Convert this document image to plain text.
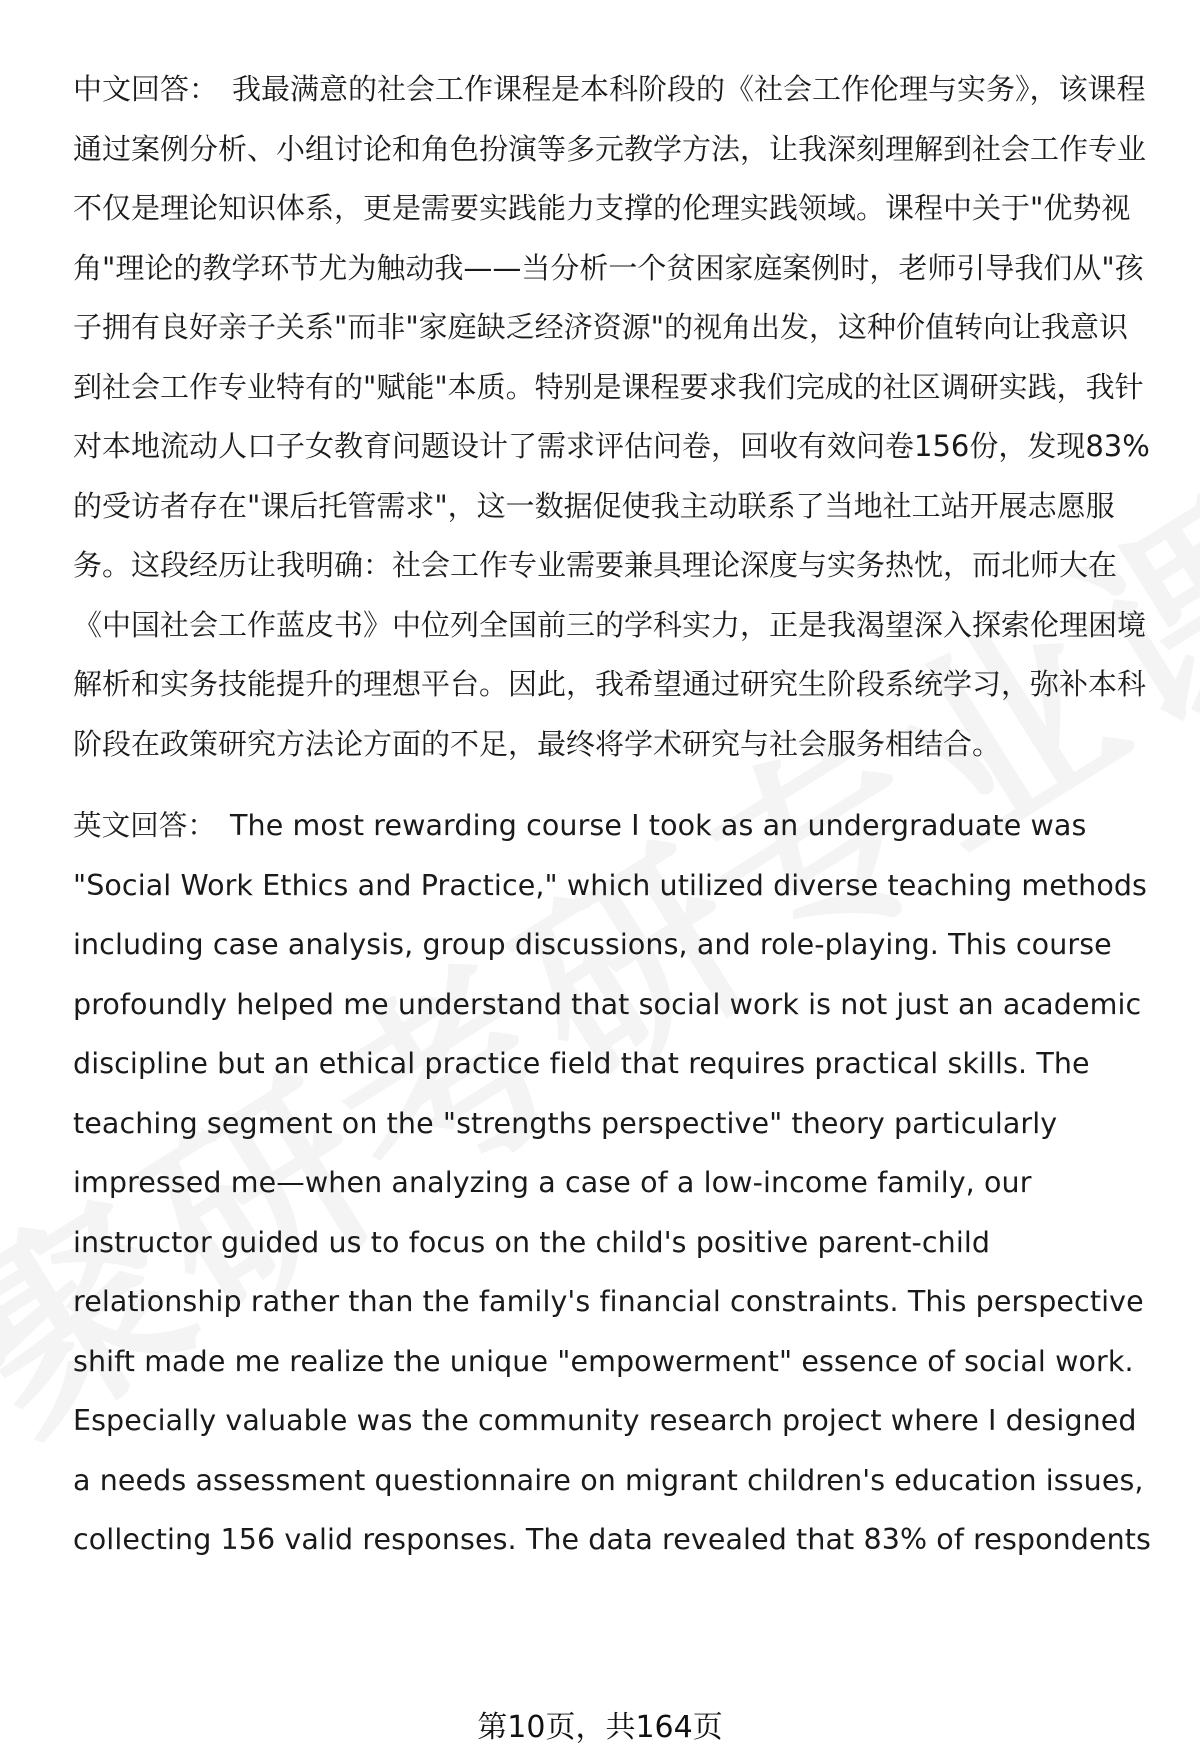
中文回答： 我最满意的社会工作课程是本科阶段的《社会工作伦理与实务》，该课程通过案例分析、小组讨论和角色扮演等多元教学方法，让我深刻理解到社会工作专业不仅是理论知识体系，更是需要实践能力支撑的伦理实践领域。课程中关于"优势视角"理论的教学环节尤为触动我——当分析一个贫困家庭案例时，老师引导我们从"孩子拥有良好亲子关系"而非"家庭缺乏经济资源"的视角出发，这种价值转向让我意识到社会工作专业特有的"赋能"本质。特别是课程要求我们完成的社区调研实践，我针对本地流动人口子女教育问题设计了需求评估问卷，回收有效问卷156份，发现83%的受访者存在"课后托管需求"，这一数据促使我主动联系了当地社工站开展志愿服务。这段经历让我明确：社会工作专业需要兼具理论深度与实务热忱，而北师大在《中国社会工作蓝皮书》中位列全国前三的学科实力，正是我渴望深入探索伦理困境解析和实务技能提升的理想平台。因此，我希望通过研究生阶段系统学习，弥补本科阶段在政策研究方法论方面的不足，最终将学术研究与社会服务相结合。

英文回答： The most rewarding course I took as an undergraduate was "Social Work Ethics and Practice," which utilized diverse teaching methods including case analysis, group discussions, and role-playing. This course profoundly helped me understand that social work is not just an academic discipline but an ethical practice field that requires practical skills. The teaching segment on the "strengths perspective" theory particularly impressed me—when analyzing a case of a low-income family, our instructor guided us to focus on the child's positive parent-child relationship rather than the family's financial constraints. This perspective shift made me realize the unique "empowerment" essence of social work. Especially valuable was the community research project where I designed a needs assessment questionnaire on migrant children's education issues, collecting 156 valid responses. The data revealed that 83% of respondents

第10页，共164页
